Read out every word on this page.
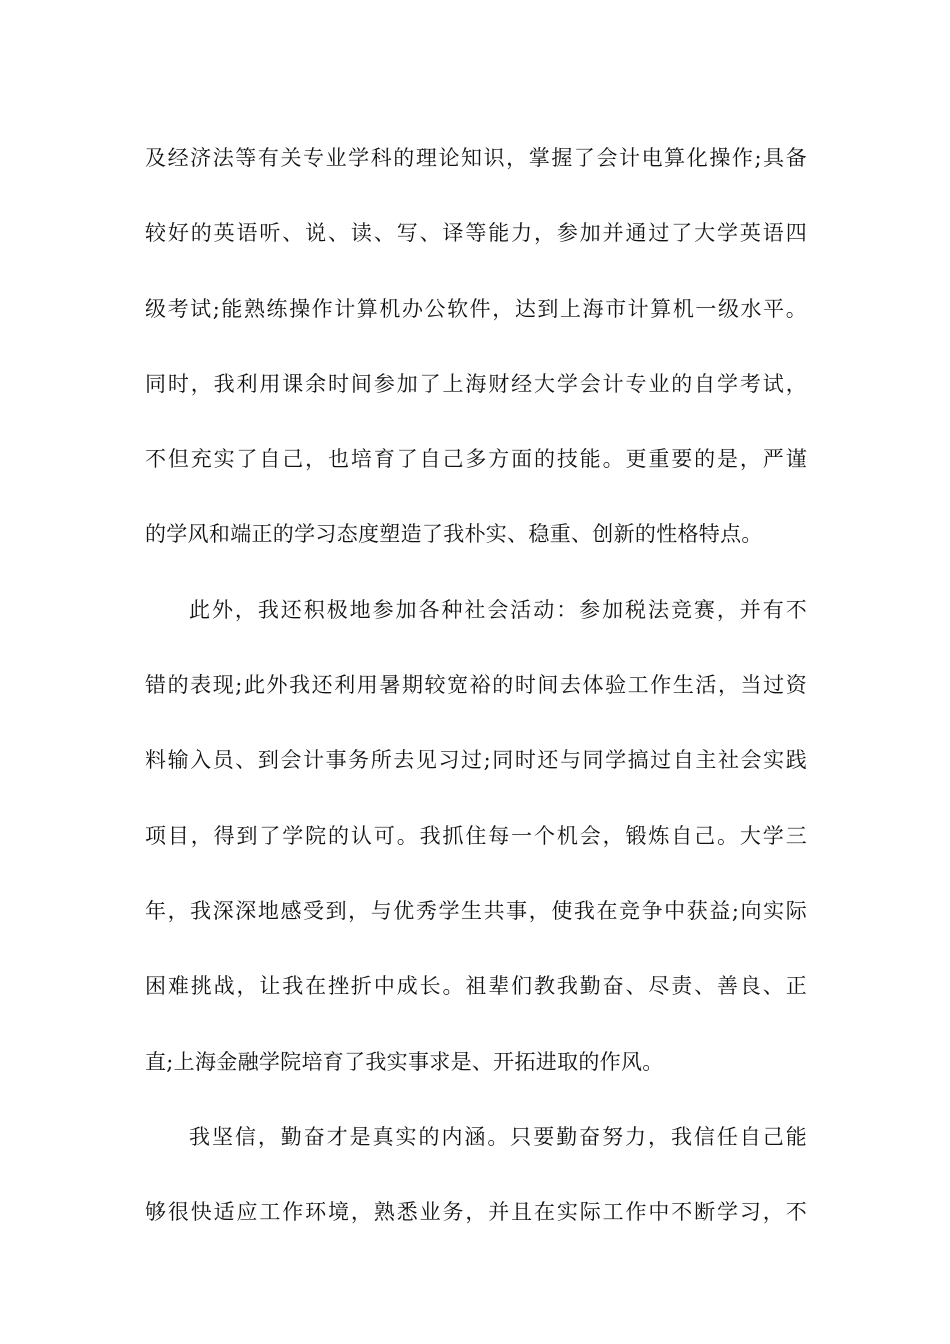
及经济法等有关专业学科的理论知识，掌握了会计电算化操作;具备
较好的英语听、说、读、写、译等能力，参加并通过了大学英语四
级考试;能熟练操作计算机办公软件，达到上海市计算机一级水平。
同时，我利用课余时间参加了上海财经大学会计专业的自学考试，
不但充实了自己，也培育了自己多方面的技能。更重要的是，严谨
的学风和端正的学习态度塑造了我朴实、稳重、创新的性格特点。
此外，我还积极地参加各种社会活动：参加税法竞赛，并有不
错的表现;此外我还利用暑期较宽裕的时间去体验工作生活，当过资
料输入员、到会计事务所去见习过;同时还与同学搞过自主社会实践
项目，得到了学院的认可。我抓住每一个机会，锻炼自己。大学三
年，我深深地感受到，与优秀学生共事，使我在竞争中获益;向实际
困难挑战，让我在挫折中成长。祖辈们教我勤奋、尽责、善良、正
直;上海金融学院培育了我实事求是、开拓进取的作风。
我坚信，勤奋才是真实的内涵。只要勤奋努力，我信任自己能
够很快适应工作环境，熟悉业务，并且在实际工作中不断学习，不
